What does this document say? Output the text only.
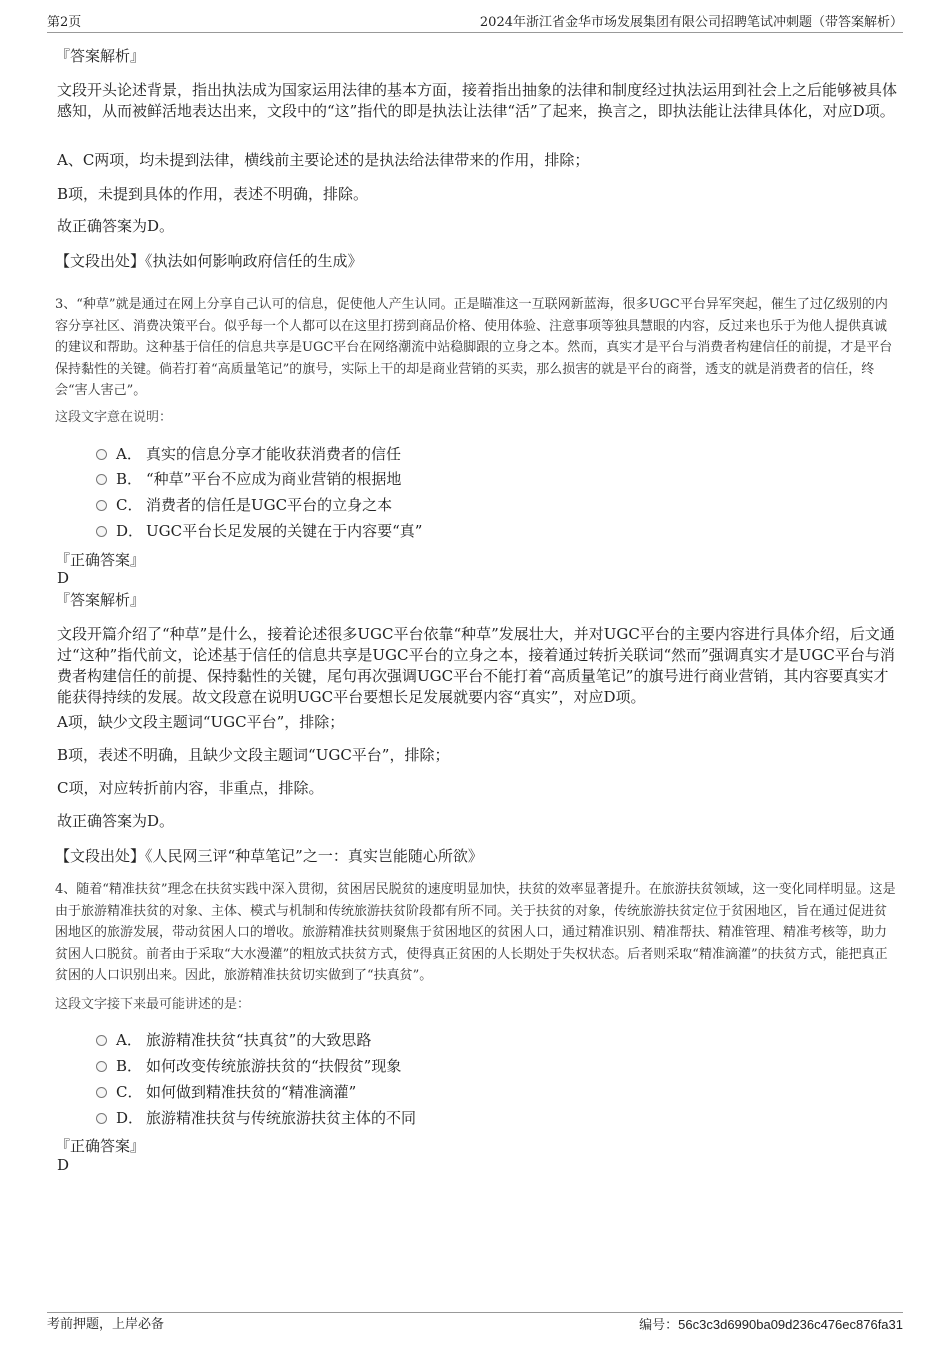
第2页	2024年浙江省金华市场发展集团有限公司招聘笔试冲刺题（带答案解析）
『答案解析』

文段开头论述背景，指出执法成为国家运用法律的基本方面，接着指出抽象的法律和制度经过执法运用到社会上之后能够被具体感知，从而被鲜活地表达出来，文段中的“这”指代的即是执法让法律“活”了起来，换言之，即执法能让法律具体化，对应D项。

A、C两项，均未提到法律，横线前主要论述的是执法给法律带来的作用，排除；

B项，未提到具体的作用，表述不明确，排除。

故正确答案为D。

【文段出处】《执法如何影响政府信任的生成》

3、“种草”就是通过在网上分享自己认可的信息，促使他人产生认同。正是瞄准这一互联网新蓝海，很多UGC平台异军突起，催生了过亿级别的内容分享社区、消费决策平台。似乎每一个人都可以在这里打捞到商品价格、使用体验、注意事项等独具慧眼的内容，反过来也乐于为他人提供真诚的建议和帮助。这种基于信任的信息共享是UGC平台在网络潮流中站稳脚跟的立身之本。然而，真实才是平台与消费者构建信任的前提，才是平台保持黏性的关键。倘若打着“高质量笔记”的旗号，实际上干的却是商业营销的买卖，那么损害的就是平台的商誉，透支的就是消费者的信任，终会“害人害己”。

这段文字意在说明：
A． 真实的信息分享才能收获消费者的信任
B． “种草”平台不应成为商业营销的根据地
C． 消费者的信任是UGC平台的立身之本
D． UGC平台长足发展的关键在于内容要“真”
『正确答案』
D
『答案解析』

文段开篇介绍了“种草”是什么，接着论述很多UGC平台依靠“种草”发展壮大，并对UGC平台的主要内容进行具体介绍，后文通过“这种”指代前文，论述基于信任的信息共享是UGC平台的立身之本，接着通过转折关联词“然而”强调真实才是UGC平台与消费者构建信任的前提、保持黏性的关键，尾句再次强调UGC平台不能打着“高质量笔记”的旗号进行商业营销，其内容要真实才能获得持续的发展。故文段意在说明UGC平台要想长足发展就要内容“真实”，对应D项。

A项，缺少文段主题词“UGC平台”，排除；

B项，表述不明确，且缺少文段主题词“UGC平台”，排除；

C项，对应转折前内容，非重点，排除。

故正确答案为D。

【文段出处】《人民网三评“种草笔记”之一：真实岂能随心所欲》

4、随着“精准扶贫”理念在扶贫实践中深入贯彻，贫困居民脱贫的速度明显加快，扶贫的效率显著提升。在旅游扶贫领域，这一变化同样明显。这是由于旅游精准扶贫的对象、主体、模式与机制和传统旅游扶贫阶段都有所不同。关于扶贫的对象，传统旅游扶贫定位于贫困地区，旨在通过促进贫困地区的旅游发展，带动贫困人口的增收。旅游精准扶贫则聚焦于贫困地区的贫困人口，通过精准识别、精准帮扶、精准管理、精准考核等，助力贫困人口脱贫。前者由于采取“大水漫灌”的粗放式扶贫方式，使得真正贫困的人长期处于失权状态。后者则采取“精准滴灌”的扶贫方式，能把真正贫困的人口识别出来。因此，旅游精准扶贫切实做到了“扶真贫”。

这段文字接下来最可能讲述的是：
A． 旅游精准扶贫“扶真贫”的大致思路
B． 如何改变传统旅游扶贫的“扶假贫”现象
C． 如何做到精准扶贫的“精准滴灌”
D． 旅游精准扶贫与传统旅游扶贫主体的不同
『正确答案』
D
考前押题，上岸必备	编号：56c3c3d6990ba09d236c476ec876fa31
